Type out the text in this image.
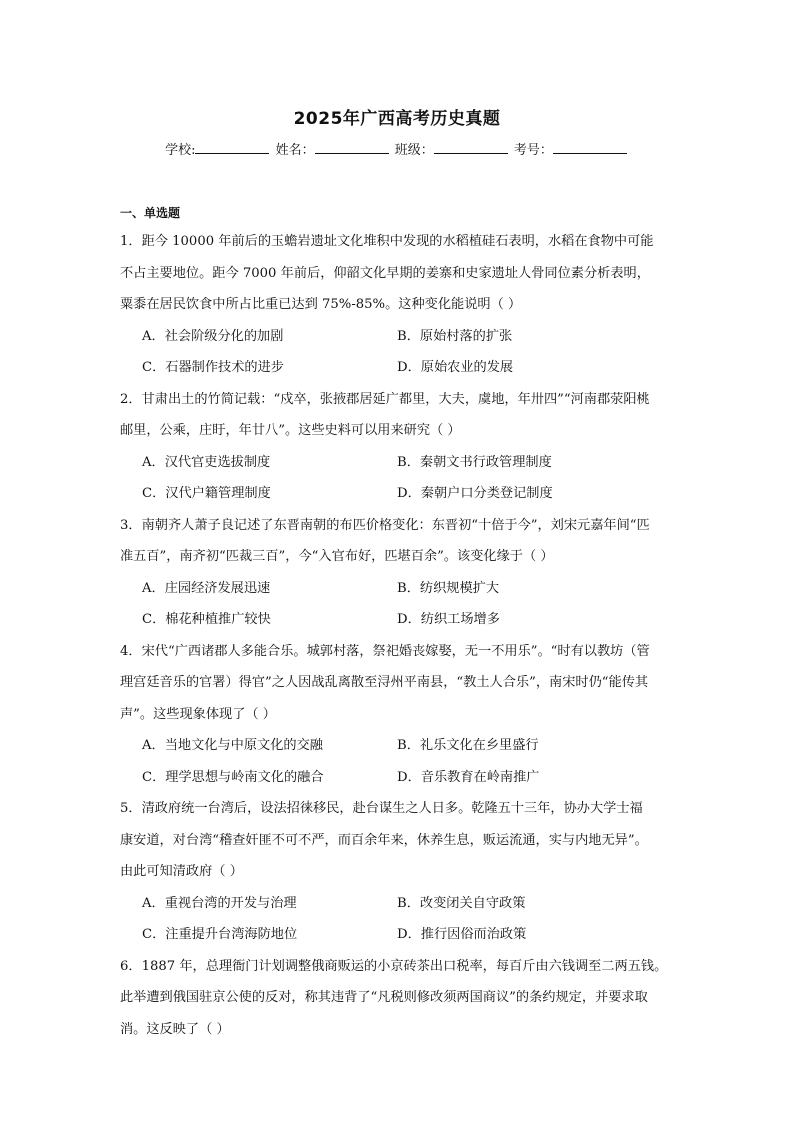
2025年广西高考历史真题
学校:	姓名：	班级：	考号：
一、单选题

1．距今 10000 年前后的玉蟾岩遗址文化堆积中发现的水稻植硅石表明，水稻在食物中可能

不占主要地位。距今 7000 年前后，仰韶文化早期的姜寨和史家遗址人骨同位素分析表明，

粟黍在居民饮食中所占比重已达到 75%-85%。这种变化能说明（ ）

A．社会阶级分化的加剧	B．原始村落的扩张
C．石器制作技术的进步	D．原始农业的发展

2．甘肃出土的竹简记载：“戍卒，张掖郡居延广都里，大夫，虞地，年卅四”“河南郡荥阳桃

邮里，公乘，庄盱，年廿八”。这些史料可以用来研究（ ）

A．汉代官吏选拔制度	B．秦朝文书行政管理制度
C．汉代户籍管理制度	D．秦朝户口分类登记制度

3．南朝齐人萧子良记述了东晋南朝的布匹价格变化：东晋初“十倍于今”，刘宋元嘉年间“匹

准五百”，南齐初“匹裁三百”，今“入官布好，匹堪百余”。该变化缘于（ ）

A．庄园经济发展迅速	B．纺织规模扩大
C．棉花种植推广较快	D．纺织工场增多

4．宋代“广西诸郡人多能合乐。城郭村落，祭祀婚丧嫁娶，无一不用乐”。“时有以教坊（管

理宫廷音乐的官署）得官”之人因战乱离散至浔州平南县，“教土人合乐”，南宋时仍“能传其

声”。这些现象体现了（ ）

A．当地文化与中原文化的交融	B．礼乐文化在乡里盛行
C．理学思想与岭南文化的融合	D．音乐教育在岭南推广

5．清政府统一台湾后，设法招徕移民，赴台谋生之人日多。乾隆五十三年，协办大学士福

康安道，对台湾“稽查奸匪不可不严，而百余年来，休养生息，贩运流通，实与内地无异”。

由此可知清政府（ ）

A．重视台湾的开发与治理	B．改变闭关自守政策
C．注重提升台湾海防地位	D．推行因俗而治政策

6．1887 年，总理衙门计划调整俄商贩运的小京砖茶出口税率，每百斤由六钱调至二两五钱。

此举遭到俄国驻京公使的反对，称其违背了“凡税则修改须两国商议”的条约规定，并要求取

消。这反映了（ ）
